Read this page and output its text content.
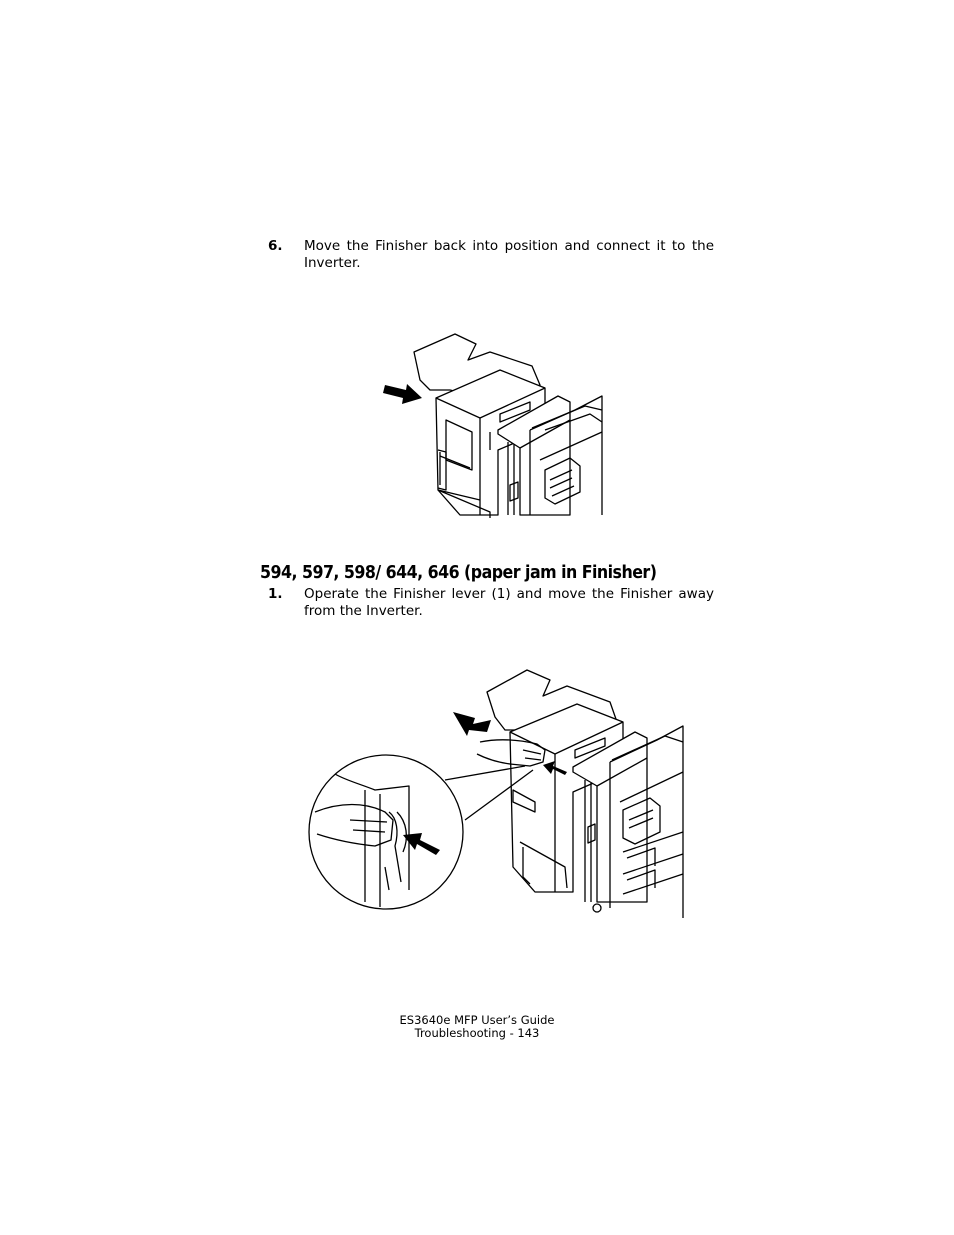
6. Move the Finisher back into position and connect it to the Inverter.
594, 597, 598/ 644, 646 (paper jam in Finisher)
1. Operate the Finisher lever (1) and move the Finisher away from the Inverter.
ES3640e MFP User’s Guide
Troubleshooting - 143
